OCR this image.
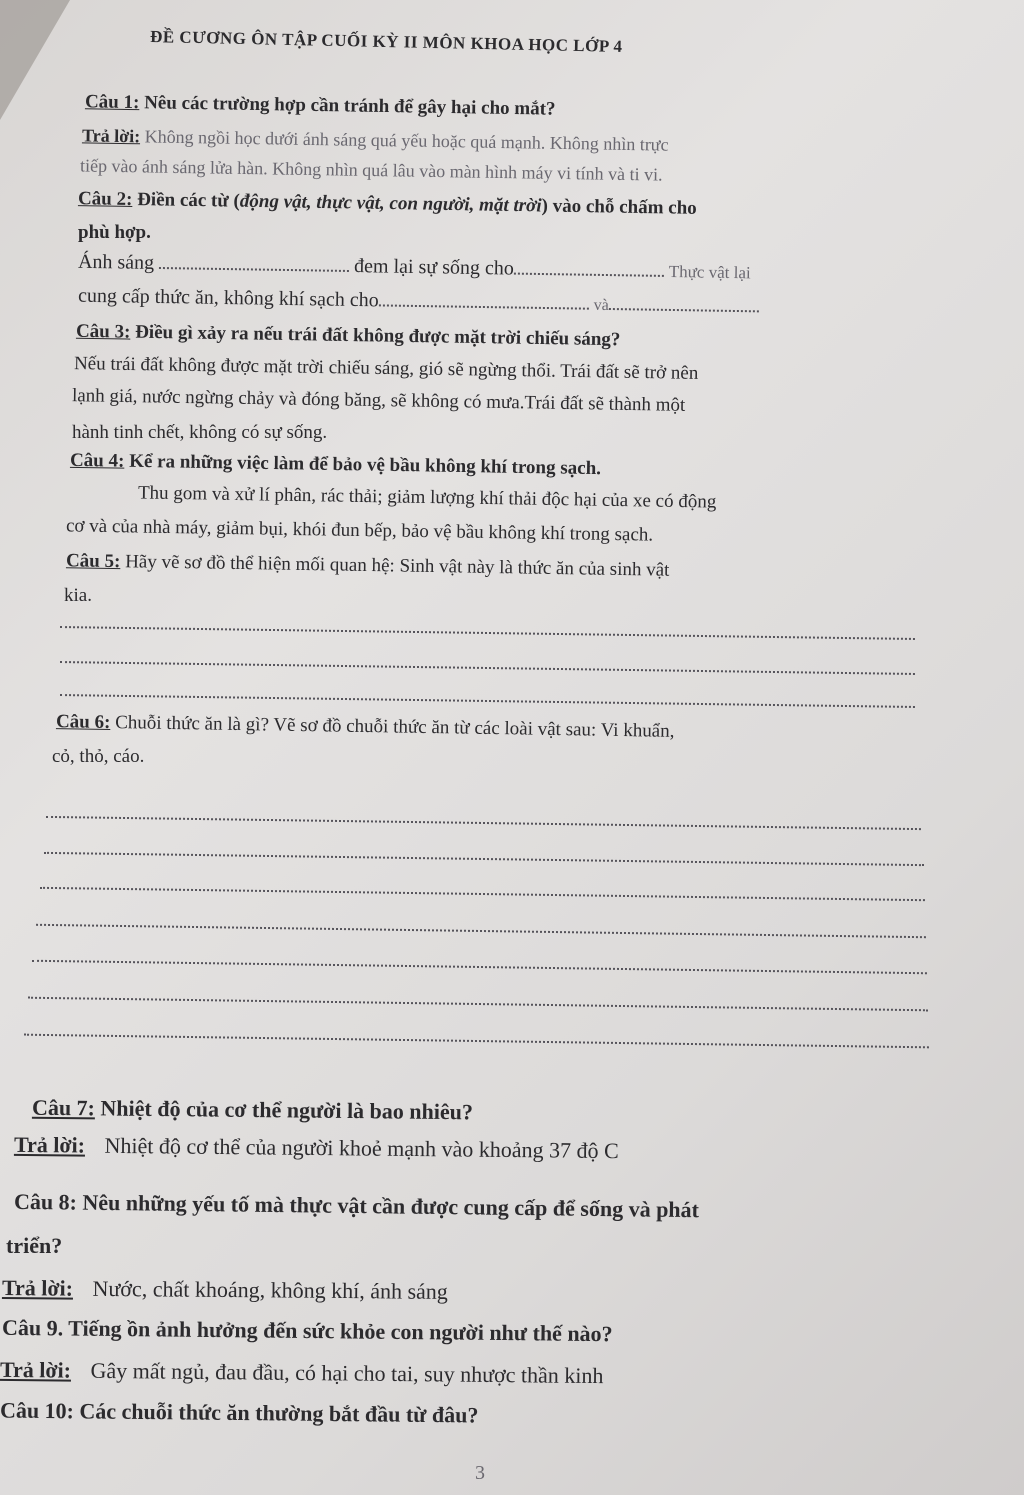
ĐỀ CƯƠNG ÔN TẬP CUỐI KỲ II MÔN KHOA HỌC LỚP 4
Câu 1: Nêu các trường hợp cần tránh để gây hại cho mắt?
Trả lời: Không ngồi học dưới ánh sáng quá yếu hoặc quá mạnh. Không nhìn trực
tiếp vào ánh sáng lửa hàn. Không nhìn quá lâu vào màn hình máy vi tính và ti vi.
Câu 2: Điền các từ (động vật, thực vật, con người, mặt trời) vào chỗ chấm cho
phù hợp.
Ánh sáng	đem lại sự sống cho	Thực vật lại
cung cấp thức ăn, không khí sạch cho	và
Câu 3: Điều gì xảy ra nếu trái đất không được mặt trời chiếu sáng?
Nếu trái đất không được mặt trời chiếu sáng, gió sẽ ngừng thổi. Trái đất sẽ trở nên
lạnh giá, nước ngừng chảy và đóng băng, sẽ không có mưa.Trái đất sẽ thành một
hành tinh chết, không có sự sống.
Câu 4: Kể ra những việc làm để bảo vệ bầu không khí trong sạch.
Thu gom và xử lí phân, rác thải; giảm lượng khí thải độc hại của xe có động
cơ và của nhà máy, giảm bụi, khói đun bếp, bảo vệ bầu không khí trong sạch.
Câu 5: Hãy vẽ sơ đồ thể hiện mối quan hệ: Sinh vật này là thức ăn của sinh vật
kia.
Câu 6: Chuỗi thức ăn là gì? Vẽ sơ đồ chuỗi thức ăn từ các loài vật sau: Vi khuẩn,
cỏ, thỏ, cáo.
Câu 7: Nhiệt độ của cơ thể người là bao nhiêu?
Trả lời: Nhiệt độ cơ thể của người khoẻ mạnh vào khoảng 37 độ C
Câu 8: Nêu những yếu tố mà thực vật cần được cung cấp để sống và phát
triển?
Trả lời: Nước, chất khoáng, không khí, ánh sáng
Câu 9. Tiếng ồn ảnh hưởng đến sức khỏe con người như thế nào?
Trả lời: Gây mất ngủ, đau đầu, có hại cho tai, suy nhược thần kinh
Câu 10: Các chuỗi thức ăn thường bắt đầu từ đâu?
3
